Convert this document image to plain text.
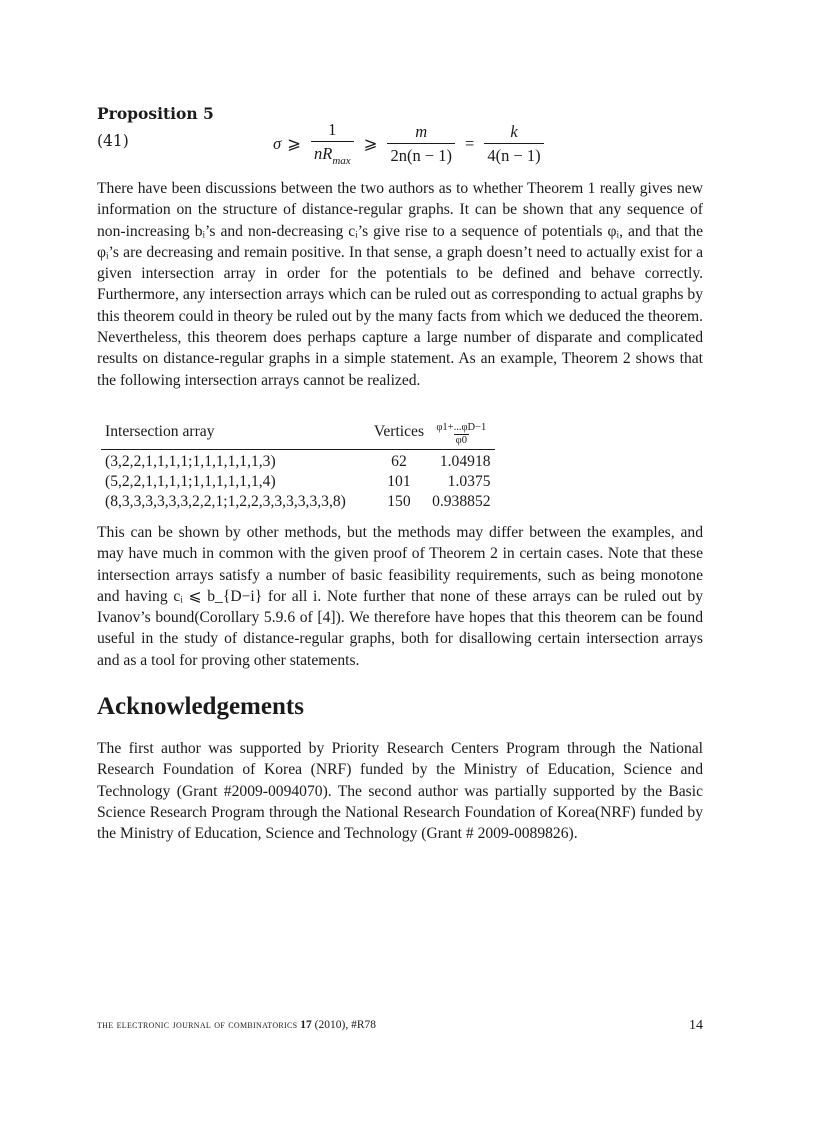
Proposition 5
(41)	σ ⩾ $\frac{1}{nR_{max}}$ ⩾ $\frac{m}{2n(n - 1)} = \frac{k}{4(n - 1)}$
There have been discussions between the two authors as to whether Theorem 1 really gives new information on the structure of distance-regular graphs. It can be shown that any sequence of non-increasing bᵢ’s and non-decreasing cᵢ’s give rise to a sequence of potentials φᵢ, and that the φᵢ’s are decreasing and remain positive. In that sense, a graph doesn’t need to actually exist for a given intersection array in order for the potentials to be defined and behave correctly. Furthermore, any intersection arrays which can be ruled out as corresponding to actual graphs by this theorem could in theory be ruled out by the many facts from which we deduced the theorem. Nevertheless, this theorem does perhaps capture a large number of disparate and complicated results on distance-regular graphs in a simple statement. As an example, Theorem 2 shows that the following intersection arrays cannot be realized.
Intersection array	Vertices	$\frac{\varphi 1+...\varphi D-1}{\varphi 0}$

(3,2,2,1,1,1,1;1,1,1,1,1,1,3)	62	1.04918
(5,2,2,1,1,1,1;1,1,1,1,1,1,4)	101	1.0375
(8,3,3,3,3,3,3,2,2,1;1,2,2,3,3,3,3,3,3,8)	150	0.938852
This can be shown by other methods, but the methods may differ between the examples, and may have much in common with the given proof of Theorem 2 in certain cases. Note that these intersection arrays satisfy a number of basic feasibility requirements, such as being monotone and having cᵢ ⩽ b_{D−i} for all i. Note further that none of these arrays can be ruled out by Ivanov’s bound(Corollary 5.9.6 of [4]). We therefore have hopes that this theorem can be found useful in the study of distance-regular graphs, both for disallowing certain intersection arrays and as a tool for proving other statements.
Acknowledgements
The first author was supported by Priority Research Centers Program through the National Research Foundation of Korea (NRF) funded by the Ministry of Education, Science and Technology (Grant #2009-0094070). The second author was partially supported by the Basic Science Research Program through the National Research Foundation of Korea(NRF) funded by the Ministry of Education, Science and Technology (Grant # 2009-0089826).
the electronic journal of combinatorics 17 (2010), #R78	14
